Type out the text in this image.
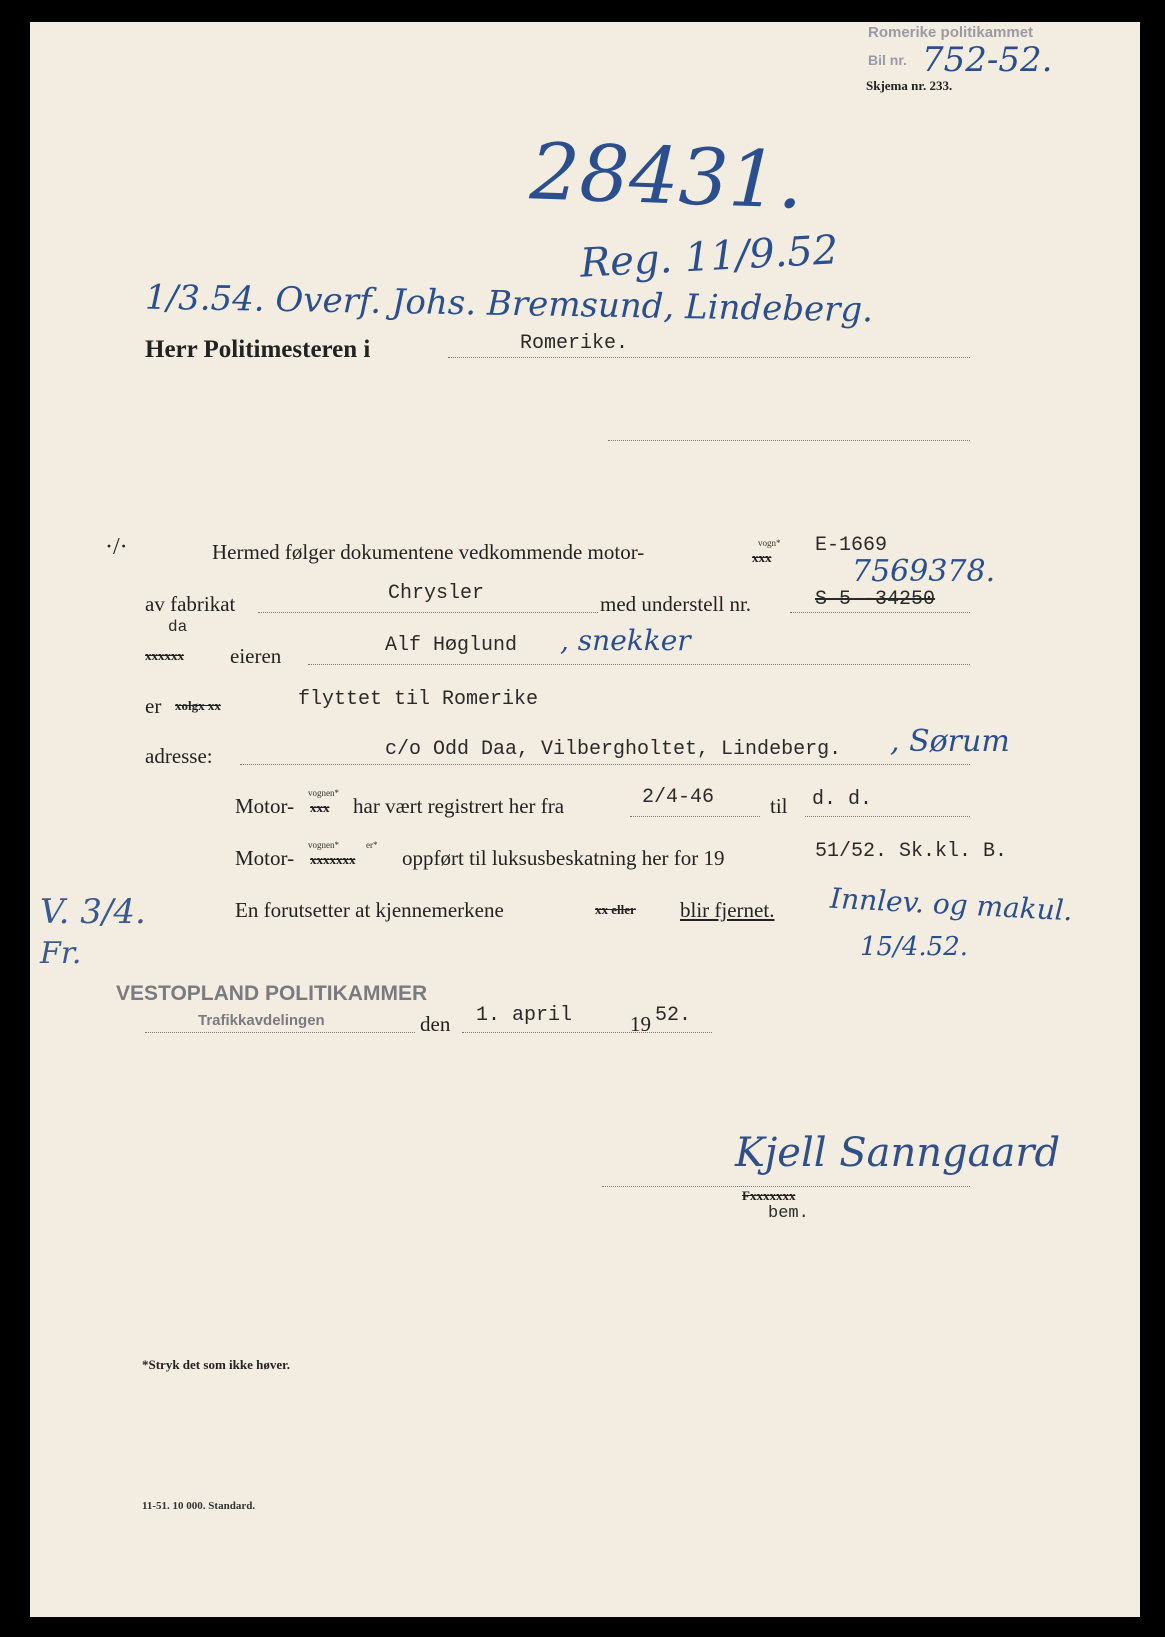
Romerike politikammet
Bil nr. 752-52.
Skjema nr. 233.
28431.
Reg. 11/9.52
1/3.54. Overf. Johs. Bremsund, Lindeberg.
Herr Politimesteren i	Romerike.
·/·	Hermed følger dokumentene vedkommende motor-	vogn*
xxx
E-1669
av fabrikat	Chrysler	med understell nr.
7569378.
S 5 -34250
da
xxxxxx eieren	Alf Høglund , snekker
er xolgx xx	flyttet til Romerike
adresse:	c/o Odd Daa, Vilbergholtet, Lindeberg. , Sørum
Motor-
vognen*
xxx har vært registrert her fra	2/4-46	til d. d.
Motor-
vognen*	er*
xxxxxxx oppført til luksusbeskatning her for 19	51/52. Sk.kl. B.
En forutsetter at kjennemerkene	xx eller blir fjernet. Innlev. og makul.
15/4.52.
V. 3/4.
Fr.
VESTOPLAND POLITIKAMMER
Trafikkavdelingen	den 1. april	19 52.
Kjell Sanngaard
Fxxxxxxx
bem.
*Stryk det som ikke høver.
11-51. 10 000. Standard.
